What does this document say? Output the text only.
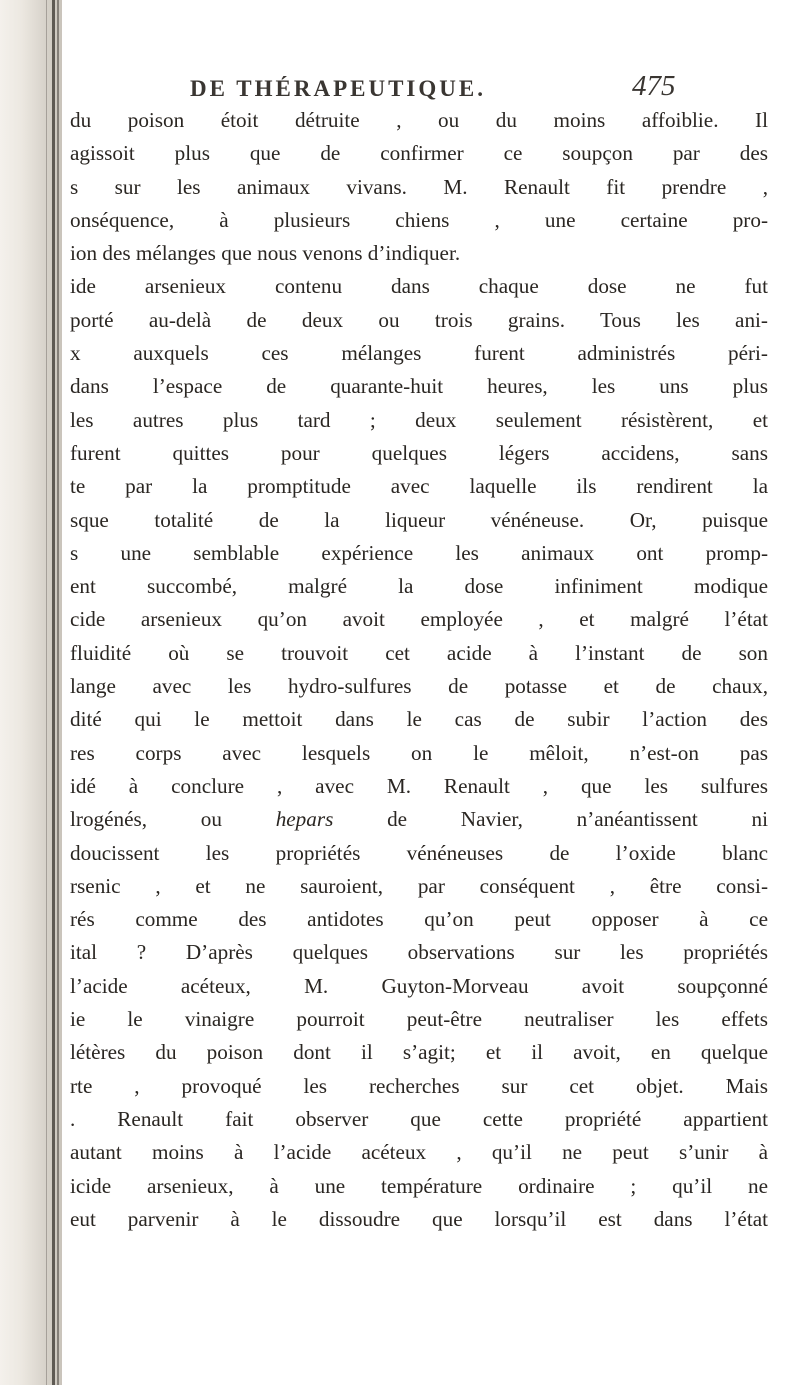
DE THÉRAPEUTIQUE.	475
du poison étoit détruite , ou du moins affoiblie. Il
agissoit plus que de confirmer ce soupçon par des
s sur les animaux vivans. M. Renault fit prendre ,
onséquence, à plusieurs chiens , une certaine pro-
ion des mélanges que nous venons d’indiquer.
ide arsenieux contenu dans chaque dose ne fut
porté au-delà de deux ou trois grains. Tous les ani-
x auxquels ces mélanges furent administrés péri-
dans l’espace de quarante-huit heures, les uns plus
les autres plus tard ; deux seulement résistèrent, et
furent quittes pour quelques légers accidens, sans
te par la promptitude avec laquelle ils rendirent la
sque totalité de la liqueur vénéneuse. Or, puisque
s une semblable expérience les animaux ont promp-
ent succombé, malgré la dose infiniment modique
cide arsenieux qu’on avoit employée , et malgré l’état
fluidité où se trouvoit cet acide à l’instant de son
lange avec les hydro-sulfures de potasse et de chaux,
dité qui le mettoit dans le cas de subir l’action des
res corps avec lesquels on le mêloit, n’est-on pas
idé à conclure , avec M. Renault , que les sulfures
lrogénés, ou hepars de Navier, n’anéantissent ni
doucissent les propriétés vénéneuses de l’oxide blanc
rsenic , et ne sauroient, par conséquent , être consi-
rés comme des antidotes qu’on peut opposer à ce
ital ? D’après quelques observations sur les propriétés
l’acide acéteux, M. Guyton-Morveau avoit soupçonné
ie le vinaigre pourroit peut-être neutraliser les effets
létères du poison dont il s’agit; et il avoit, en quelque
rte , provoqué les recherches sur cet objet. Mais
. Renault fait observer que cette propriété appartient
autant moins à l’acide acéteux , qu’il ne peut s’unir à
icide arsenieux, à une température ordinaire ; qu’il ne
eut parvenir à le dissoudre que lorsqu’il est dans l’état
